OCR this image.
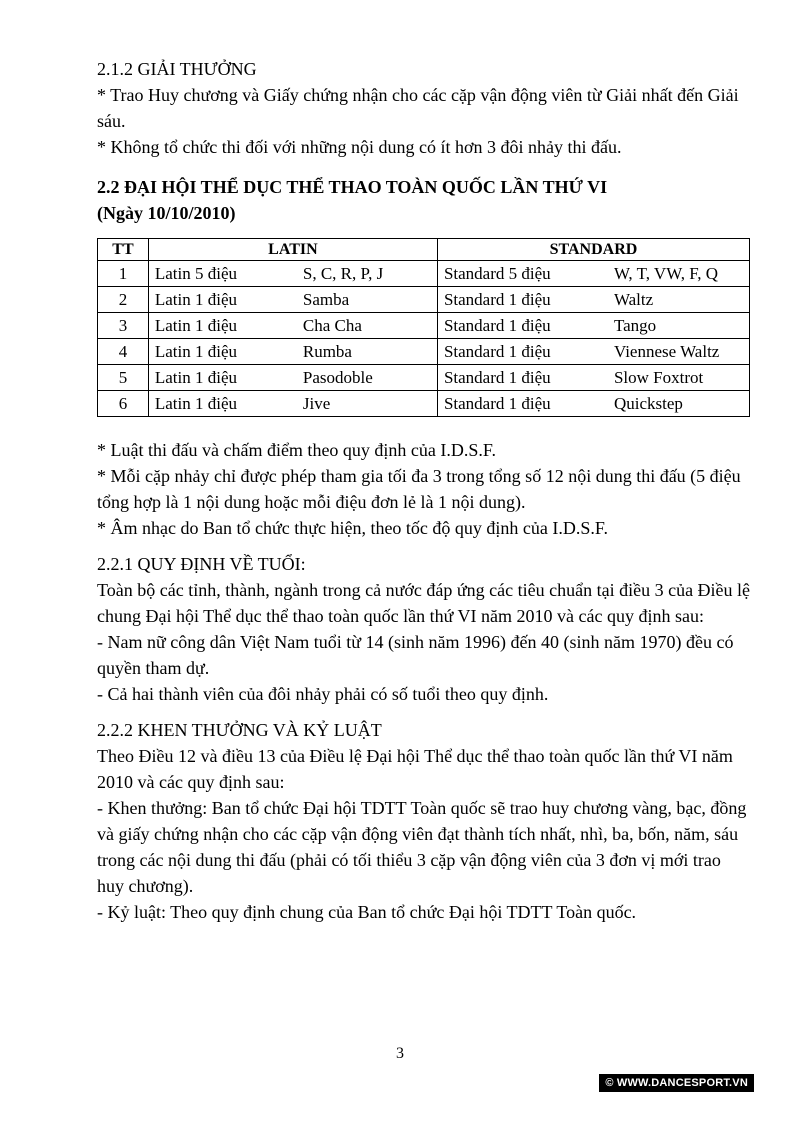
2.1.2 GIẢI THƯỞNG

* Trao Huy chương và Giấy chứng nhận cho các cặp vận động viên từ Giải nhất đến Giải sáu.

* Không tổ chức thi đối với những nội dung có ít hơn 3 đôi nhảy thi đấu.

2.2 ĐẠI HỘI THỂ DỤC THỂ THAO TOÀN QUỐC LẦN THỨ VI

(Ngày 10/10/2010)

TT	LATIN	STANDARD
1	Latin 5 điệu S, C, R, P, J	Standard 5 điệu W, T, VW, F, Q
2	Latin 1 điệu Samba	Standard 1 điệu Waltz
3	Latin 1 điệu Cha Cha	Standard 1 điệu Tango
4	Latin 1 điệu Rumba	Standard 1 điệu Viennese Waltz
5	Latin 1 điệu Pasodoble	Standard 1 điệu Slow Foxtrot
6	Latin 1 điệu Jive	Standard 1 điệu Quickstep

* Luật thi đấu và chấm điểm theo quy định của I.D.S.F.

* Mỗi cặp nhảy chỉ được phép tham gia tối đa 3 trong tổng số 12 nội dung thi đấu (5 điệu tổng hợp là 1 nội dung hoặc mỗi điệu đơn lẻ là 1 nội dung).

* Âm nhạc do Ban tổ chức thực hiện, theo tốc độ quy định của I.D.S.F.

2.2.1 QUY ĐỊNH VỀ TUỔI:

Toàn bộ các tỉnh, thành, ngành trong cả nước đáp ứng các tiêu chuẩn tại điều 3 của Điều lệ chung Đại hội Thể dục thể thao toàn quốc lần thứ VI năm 2010 và các quy định sau:

- Nam nữ công dân Việt Nam tuổi từ 14 (sinh năm 1996) đến 40 (sinh năm 1970) đều có quyền tham dự.

- Cả hai thành viên của đôi nhảy phải có số tuổi theo quy định.

2.2.2 KHEN THƯỞNG VÀ KỶ LUẬT

Theo Điều 12 và điều 13 của Điều lệ Đại hội Thể dục thể thao toàn quốc lần thứ VI năm 2010 và các quy định sau:

- Khen thưởng: Ban tổ chức Đại hội TDTT Toàn quốc sẽ trao huy chương vàng, bạc, đồng và giấy chứng nhận cho các cặp vận động viên đạt thành tích nhất, nhì, ba, bốn, năm, sáu trong các nội dung thi đấu (phải có tối thiểu 3 cặp vận động viên của 3 đơn vị mới trao huy chương).

- Kỷ luật: Theo quy định chung của Ban tổ chức Đại hội TDTT Toàn quốc.

3
© WWW.DANCESPORT.VN
